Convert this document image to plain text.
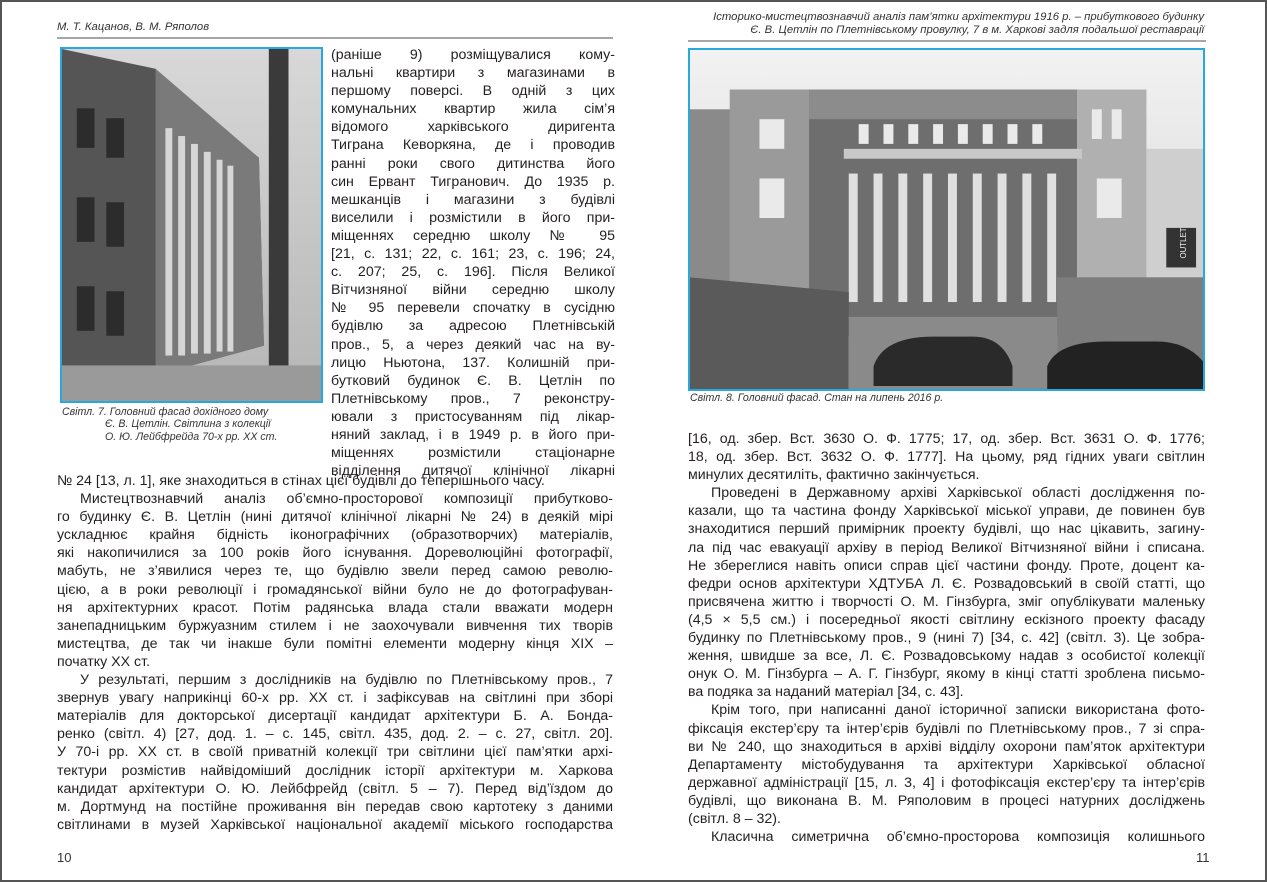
М. Т. Кацанов, В. М. Ряполов
Світл. 7. Головний фасад дохідного дому
Є. В. Цетлін. Світлина з колекції
О. Ю. Лейбфрейда 70-х рр. XX ст.
(раніше 9) розміщувалися кому-
нальні квартири з магазинами в
першому поверсі. В одній з цих
комунальних квартир жила сім’я
відомого харківського диригента
Тиграна Кеворкяна, де і проводив
ранні роки свого дитинства його
син Ервант Тигранович. До 1935 р.
мешканців і магазини з будівлі
виселили і розмістили в його при-
міщеннях середню школу № 95
[21, с. 131; 22, с. 161; 23, с. 196; 24,
с. 207; 25, с. 196]. Після Великої
Вітчизняної війни середню школу
№ 95 перевели спочатку в сусідню
будівлю за адресою Плетнівській
пров., 5, а через деякий час на ву-
лицю Ньютона, 137. Колишній при-
бутковий будинок Є. В. Цетлін по
Плетнівському пров., 7 реконстру-
ювали з пристосуванням під лікар-
няний заклад, і в 1949 р. в його при-
міщеннях розмістили стаціонарне
відділення дитячої клінічної лікарні
№ 24 [13, л. 1], яке знаходиться в стінах цієї будівлі до теперішнього часу.
Мистецтвознавчий аналіз об’ємно-просторової композиції прибутково-
го будинку Є. В. Цетлін (нині дитячої клінічної лікарні № 24) в деякій мірі
ускладнює крайня бідність іконографічних (образотворчих) матеріалів,
які накопичилися за 100 років його існування. Дореволюційні фотографії,
мабуть, не з’явилися через те, що будівлю звели перед самою револю-
цією, а в роки революції і громадянської війни було не до фотографуван-
ня архітектурних красот. Потім радянська влада стали вважати модерн
занепадницьким буржуазним стилем і не заохочували вивчення тих творів
мистецтва, де так чи інакше були помітні елементи модерну кінця XIX –
початку XX ст.
У результаті, першим з дослідників на будівлю по Плетнівському пров., 7
звернув увагу наприкінці 60-х рр. XX ст. і зафіксував на світлині при зборі
матеріалів для докторської дисертації кандидат архітектури Б. А. Бонда-
ренко (світл. 4) [27, дод. 1. – с. 145, світл. 435, дод. 2. – с. 27, світл. 20].
У 70-і рр. XX ст. в своїй приватній колекції три світлини цієї пам’ятки архі-
тектури розмістив найвідоміший дослідник історії архітектури м. Харкова
кандидат архітектури О. Ю. Лейбфрейд (світл. 5 – 7). Перед від’їздом до
м. Дортмунд на постійне проживання він передав свою картотеку з даними
світлинами в музей Харківської національної академії міського господарства
10
Історико-мистецтвознавчий аналіз пам’ятки архітектури 1916 р. – прибуткового будинку
Є. В. Цетлін по Плетнівському провулку, 7 в м. Харкові задля подальшої реставрації
OUTLET
Світл. 8. Головний фасад. Стан на липень 2016 р.
[16, од. збер. Вст. 3630 О. Ф. 1775; 17, од. збер. Вст. 3631 О. Ф. 1776;
18, од. збер. Вст. 3632 О. Ф. 1777]. На цьому, ряд гідних уваги світлин
минулих десятиліть, фактично закінчується.
Проведені в Державному архіві Харківської області дослідження по-
казали, що та частина фонду Харківської міської управи, де повинен був
знаходитися перший примірник проекту будівлі, що нас цікавить, загину-
ла під час евакуації архіву в період Великої Вітчизняної війни і списана.
Не збереглися навіть описи справ цієї частини фонду. Проте, доцент ка-
федри основ архітектури ХДТУБА Л. Є. Розвадовський в своїй статті, що
присвячена життю і творчості О. М. Гінзбурга, зміг опублікувати маленьку
(4,5 × 5,5 см.) і посередньої якості світлину ескізного проекту фасаду
будинку по Плетнівському пров., 9 (нині 7) [34, с. 42] (світл. 3). Це зобра-
ження, швидше за все, Л. Є. Розвадовському надав з особистої колекції
онук О. М. Гінзбурга – А. Г. Гінзбург, якому в кінці статті зроблена письмо-
ва подяка за наданий матеріал [34, с. 43].
Крім того, при написанні даної історичної записки використана фото-
фіксація екстер’єру та інтер’єрів будівлі по Плетнівському пров., 7 зі спра-
ви № 240, що знаходиться в архіві відділу охорони пам’яток архітектури
Департаменту містобудування та архітектури Харківської обласної
державної адміністрації [15, л. 3, 4] і фотофіксація екстер’єру та інтер’єрів
будівлі, що виконана В. М. Ряполовим в процесі натурних досліджень
(світл. 8 – 32).
Класична симетрична об’ємно-просторова композиція колишнього
11
